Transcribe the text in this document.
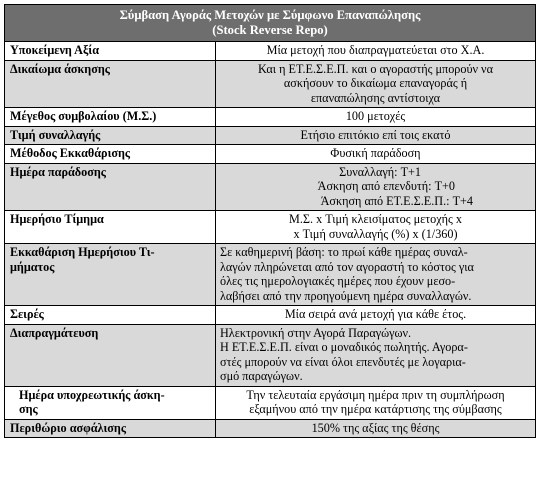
Σύμβαση Αγοράς Μετοχών με Σύμφωνο Επαναπώλησης
(Stock Reverse Repo)
Υποκείμενη Αξία	Μία μετοχή που διαπραγματεύεται στο Χ.Α.

Δικαίωμα άσκησης	Και η ΕΤ.Ε.Σ.Ε.Π. και ο αγοραστής μπορούν να
ασκήσουν το δικαίωμα επαναγοράς ή
επαναπώλησης αντίστοιχα

Μέγεθος συμβολαίου (Μ.Σ.)	100 μετοχές

Τιμή συναλλαγής	Ετήσιο επιτόκιο επί τοις εκατό

Μέθοδος Εκκαθάρισης	Φυσική παράδοση

Ημέρα παράδοσης	Συναλλαγή: T+1
Άσκηση από επενδυτή: T+0
Άσκηση από ΕΤ.Ε.Σ.Ε.Π.: T+4

Ημερήσιο Τίμημα	Μ.Σ. x Τιμή κλεισίματος μετοχής x
x Τιμή συναλλαγής (%) x (1/360)

Εκκαθάριση Ημερήσιου Τι-
μήματος	Σε καθημερινή βάση: το πρωί κάθε ημέρας συναλ-
λαγών πληρώνεται από τον αγοραστή το κόστος για
όλες τις ημερολογιακές ημέρες που έχουν μεσο-
λαβήσει από την προηγούμενη ημέρα συναλλαγών.

Σειρές	Μία σειρά ανά μετοχή για κάθε έτος.

Διαπραγμάτευση	Ηλεκτρονική στην Αγορά Παραγώγων.
Η ΕΤ.Ε.Σ.Ε.Π. είναι ο μοναδικός πωλητής. Αγορα-
στές μπορούν να είναι όλοι επενδυτές με λογαρια-
σμό παραγώγων.

Ημέρα υποχρεωτικής άσκη-
σης	Την τελευταία εργάσιμη ημέρα πριν τη συμπλήρωση
εξαμήνου από την ημέρα κατάρτισης της σύμβασης

Περιθώριο ασφάλισης	150% της αξίας της θέσης
